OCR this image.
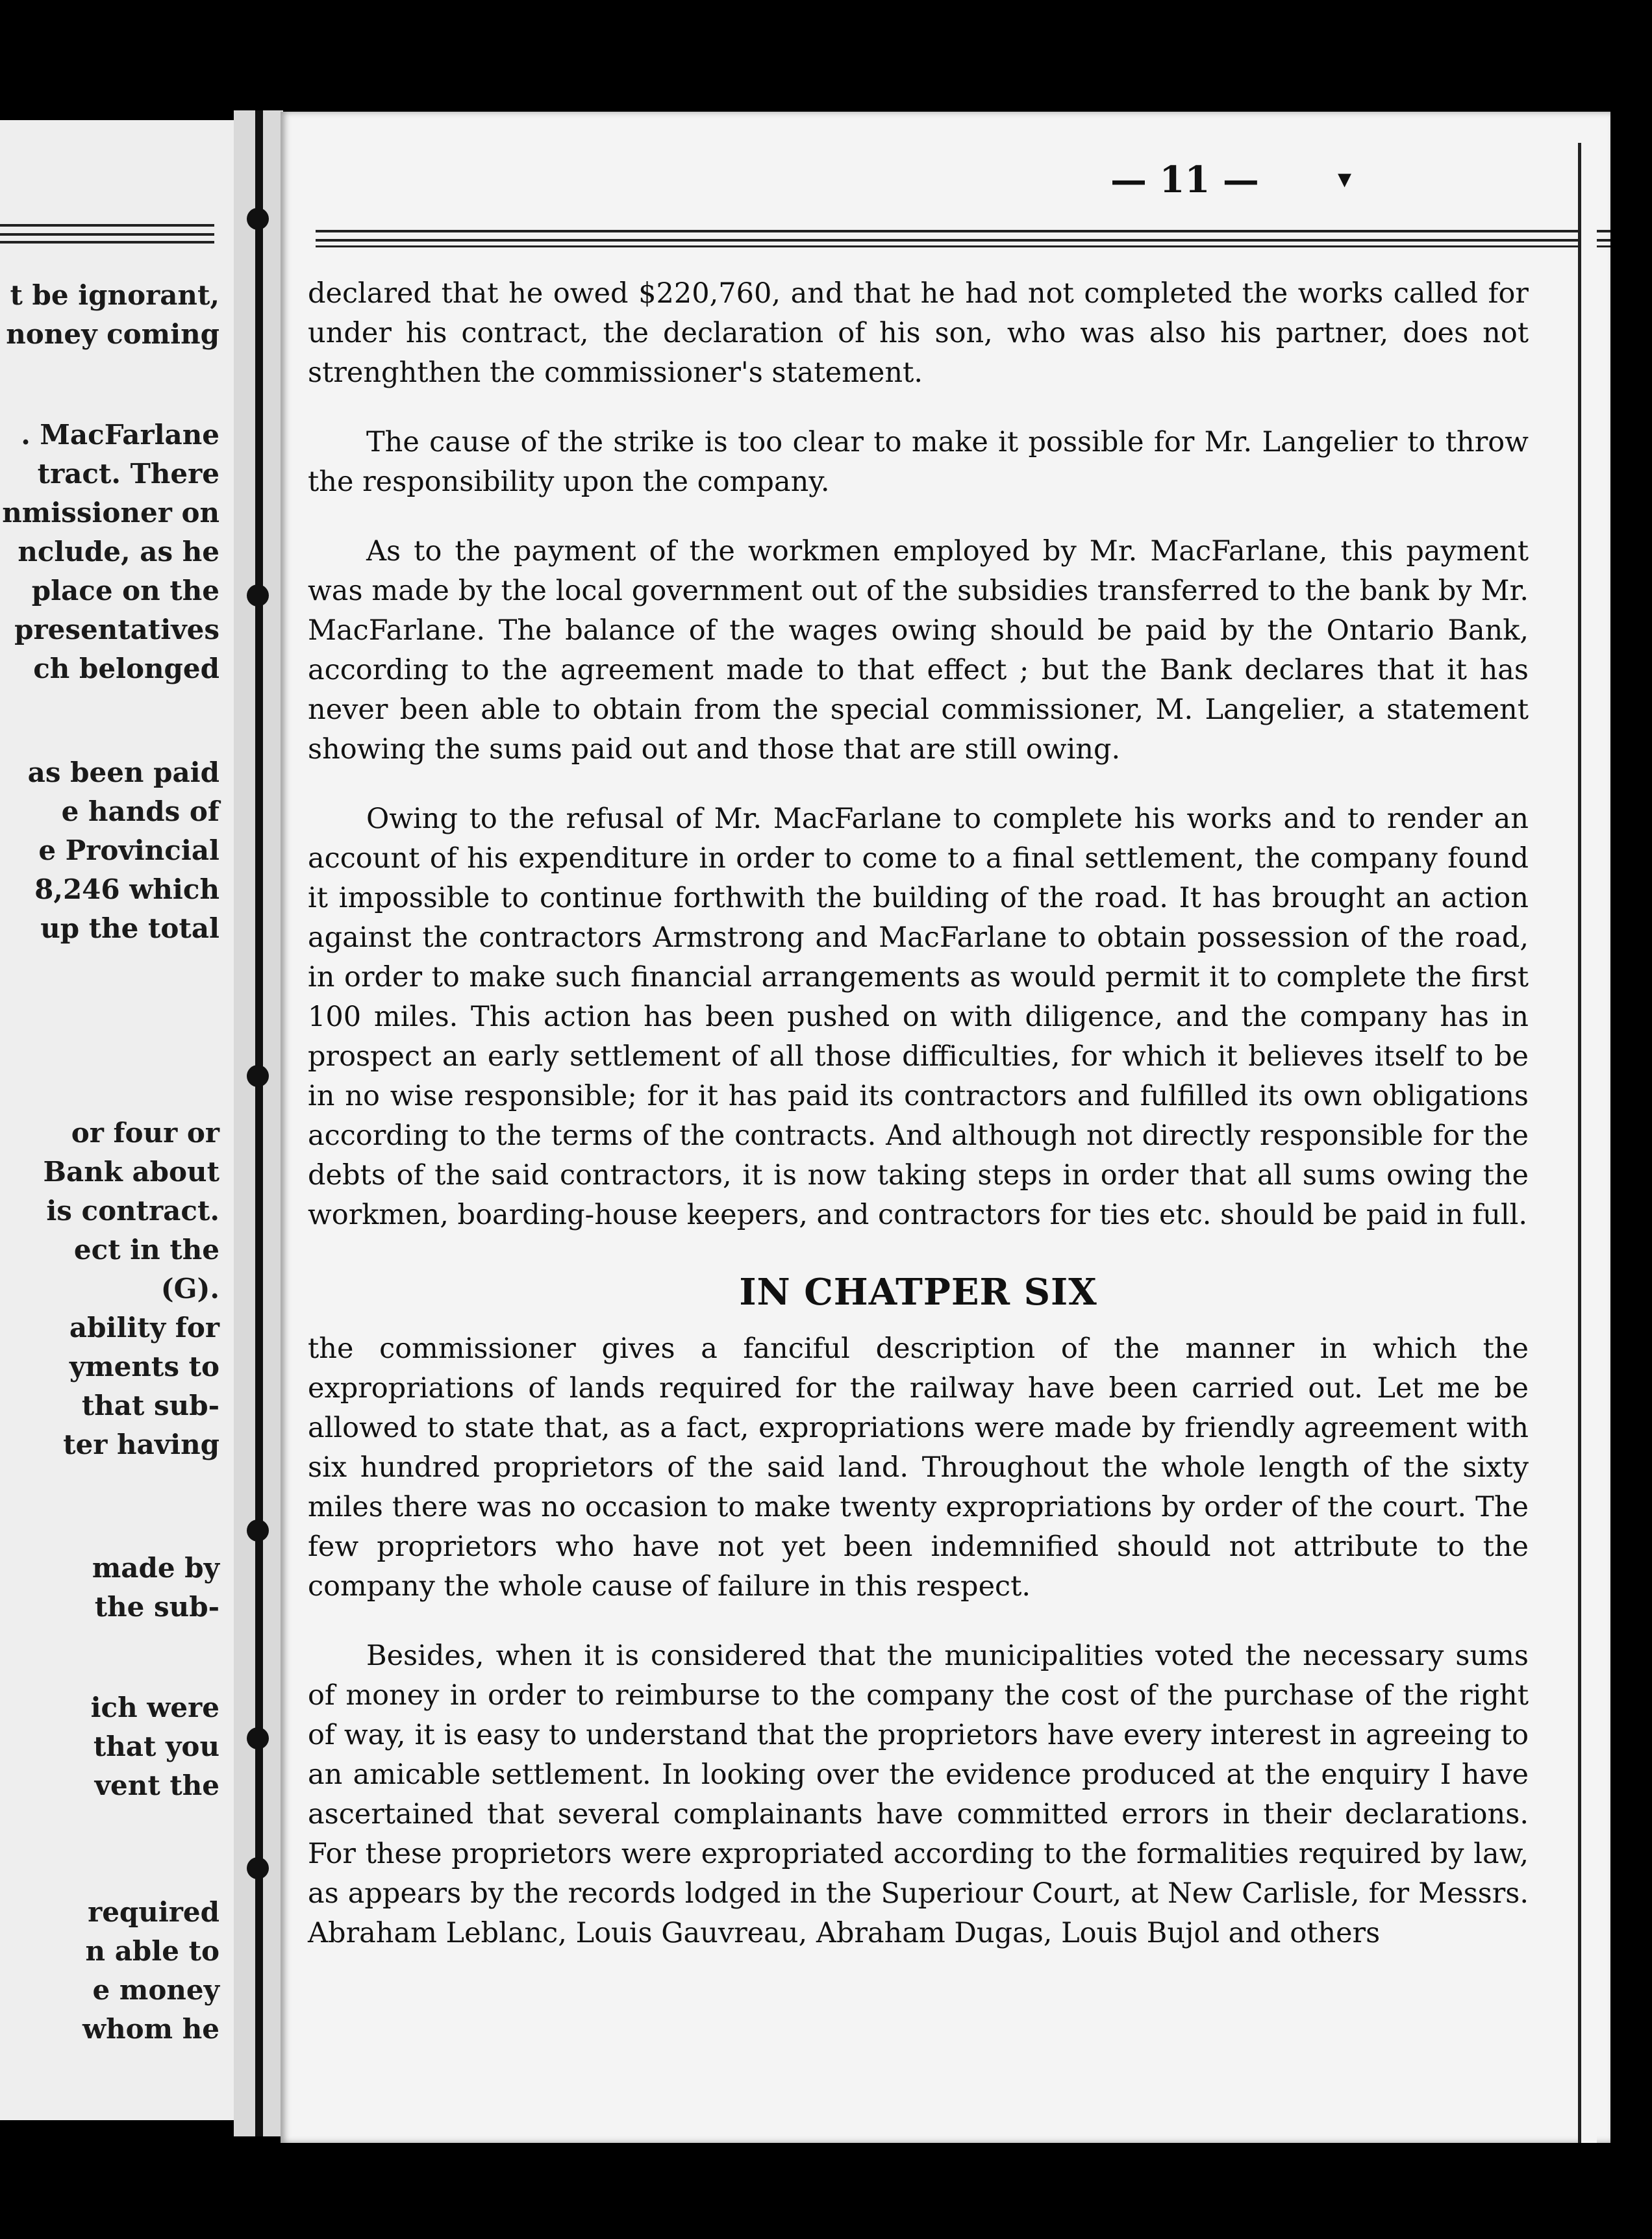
t be ignorant,
noney coming
. MacFarlane
tract. There
nmissioner on
nclude, as he
place on the
presentatives
ch belonged
as been paid
e hands of
e Provincial
8,246 which
up the total
or four or
Bank about
is contract.
ect in the
(G).
ability for
yments to
that sub-
ter having
made by
the sub-
ich were
that you
vent the
required
n able to
e money
whom he
— 11 —	▾

declared that he owed $220,760, and that he had not completed the works called for under his contract, the declaration of his son, who was also his partner, does not strenghthen the commissioner's statement.

The cause of the strike is too clear to make it possible for Mr. Langelier to throw the responsibility upon the company.

As to the payment of the workmen employed by Mr. MacFarlane, this payment was made by the local government out of the subsidies transferred to the bank by Mr. MacFarlane. The balance of the wages owing should be paid by the Ontario Bank, according to the agreement made to that effect ; but the Bank declares that it has never been able to obtain from the special commissioner, M. Langelier, a statement showing the sums paid out and those that are still owing.

Owing to the refusal of Mr. MacFarlane to complete his works and to render an account of his expenditure in order to come to a final settlement, the company found it impossible to continue forthwith the building of the road. It has brought an action against the contractors Armstrong and MacFarlane to obtain possession of the road, in order to make such financial arrangements as would permit it to complete the first 100 miles. This action has been pushed on with diligence, and the company has in prospect an early settlement of all those difficulties, for which it believes itself to be in no wise responsible; for it has paid its contractors and fulfilled its own obligations according to the terms of the contracts. And although not directly responsible for the debts of the said contractors, it is now taking steps in order that all sums owing the workmen, boarding-house keepers, and contractors for ties etc. should be paid in full.

IN CHATPER SIX

the commissioner gives a fanciful description of the manner in which the expropriations of lands required for the railway have been carried out. Let me be allowed to state that, as a fact, expropriations were made by friendly agreement with six hundred proprietors of the said land. Throughout the whole length of the sixty miles there was no occasion to make twenty expropriations by order of the court. The few proprietors who have not yet been indemnified should not attribute to the company the whole cause of failure in this respect.

Besides, when it is considered that the municipalities voted the necessary sums of money in order to reimburse to the company the cost of the purchase of the right of way, it is easy to understand that the proprietors have every interest in agreeing to an amicable settlement. In looking over the evidence produced at the enquiry I have ascertained that several complainants have committed errors in their declarations. For these proprietors were expropriated according to the formalities required by law, as appears by the records lodged in the Superiour Court, at New Carlisle, for Messrs. Abraham Leblanc, Louis Gauvreau, Abraham Dugas, Louis Bujol and others
